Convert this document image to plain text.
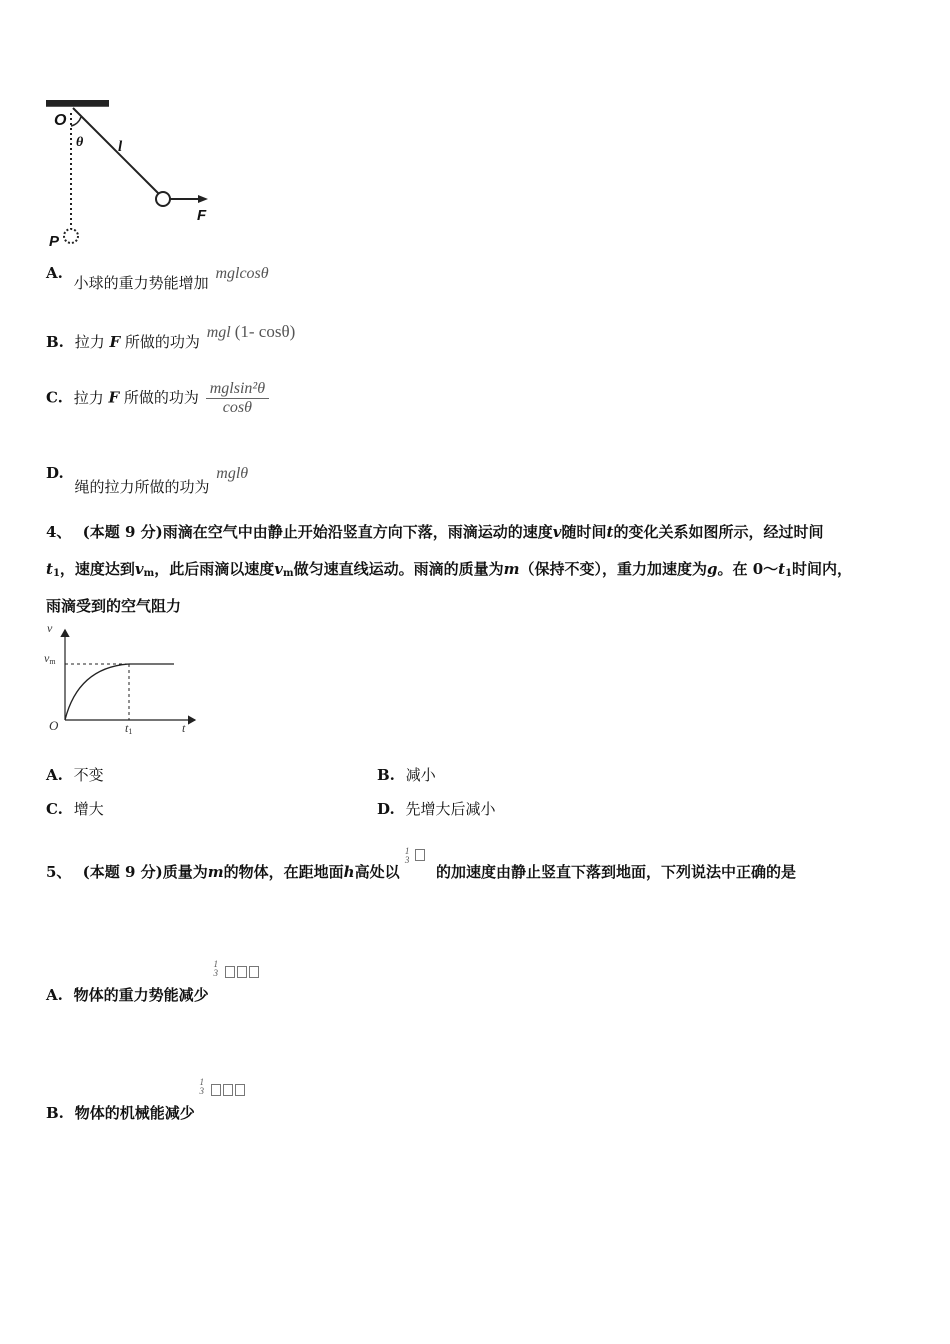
O
θ l
F
P
A. 小球的重力势能增加 mglcosθ
B. 拉力 F 所做的功为 mgl (1- cosθ)
C. 拉力 F 所做的功为 $\frac{\text{mglsin²θ}}{\cos\theta}$
D. 绳的拉力所做的功为 mglθ
4、 (本题 9 分)雨滴在空气中由静止开始沿竖直方向下落，雨滴运动的速度v随时间t的变化关系如图所示，经过时间
$t_1$，速度达到$v_m$，此后雨滴以速度$v_m$做匀速直线运动。雨滴的质量为m（保持不变），重力加速度为g。在 $0\sim t_1$时间内，
雨滴受到的空气阻力
v
vm
O	t1	t
A. 不变	B. 减小
C. 增大	D. 先增大后减小
5、 (本题 9 分)质量为m的物体，在距地面h高处以
1
3
的加速度由静止竖直下落到地面，下列说法中正确的是
A. 物体的重力势能减少
1
3

B. 物体的机械能减少
1
3
